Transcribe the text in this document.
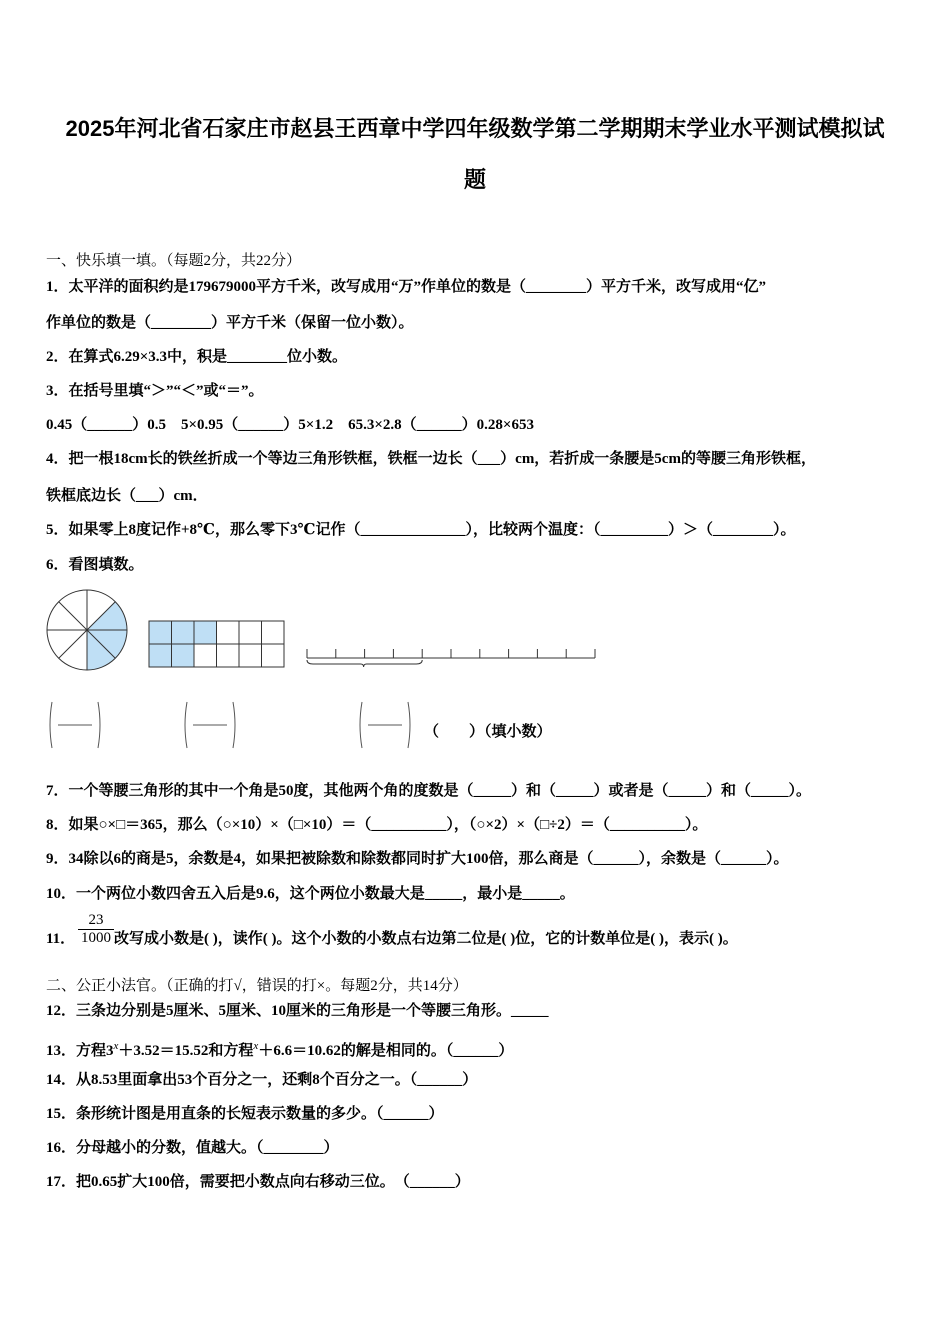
2025年河北省石家庄市赵县王西章中学四年级数学第二学期期末学业水平测试模拟试
题
一、快乐填一填。（每题2分，共22分）
1．太平洋的面积约是179679000平方千米，改写成用“万”作单位的数是（________）平方千米，改写成用“亿”
作单位的数是（________）平方千米（保留一位小数）。
2．在算式6.29×3.3中，积是________位小数。
3．在括号里填“＞”“＜”或“＝”。
0.45（______）0.5　5×0.95（______）5×1.2　65.3×2.8（______）0.28×653
4．把一根18cm长的铁丝折成一个等边三角形铁框，铁框一边长（___）cm，若折成一条腰是5cm的等腰三角形铁框，
铁框底边长（___）cm．
5．如果零上8度记作+8℃，那么零下3℃记作（______________），比较两个温度：（_________）＞（________）。
6．看图填数。
（　　）（填小数）
7．一个等腰三角形的其中一个角是50度，其他两个角的度数是（_____）和（_____）或者是（_____）和（_____）。
8．如果○×□＝365，那么（○×10）×（□×10）＝（__________），（○×2）×（□÷2）＝（__________）。
9．34除以6的商是5，余数是4，如果把被除数和除数都同时扩大100倍，那么商是（______），余数是（______）。
10．一个两位小数四舍五入后是9.6，这个两位小数最大是_____，最小是_____。
11． $\frac{23}{1000}$ 改写成小数是( )，读作( )。这个小数的小数点右边第二位是( )位，它的计数单位是( )，表示( )。
二、公正小法官。（正确的打√，错误的打×。每题2分，共14分）
12．三条边分别是5厘米、5厘米、10厘米的三角形是一个等腰三角形。_____
13．方程$3^x+3.52=15.52$和方程$^x$＋6.6＝10.62的解是相同的。（______）
14．从8.53里面拿出53个百分之一，还剩8个百分之一。（______）
15．条形统计图是用直条的长短表示数量的多少。（______）
16．分母越小的分数，值越大。（________）
17．把0.65扩大100倍，需要把小数点向右移动三位。　（______）
